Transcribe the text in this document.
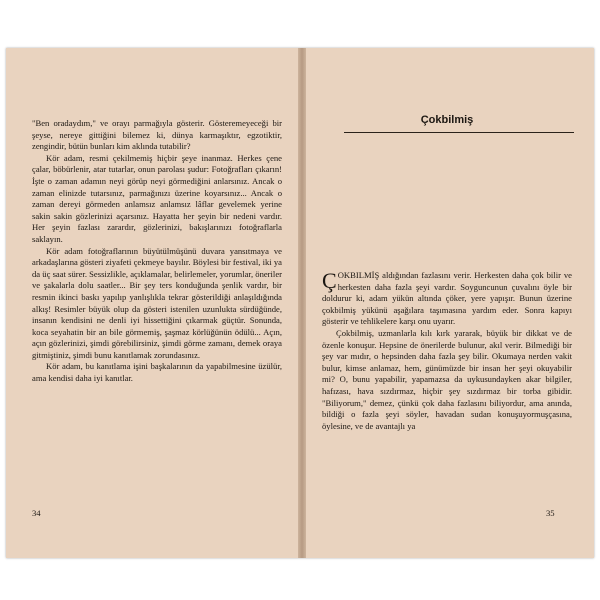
"Ben oradaydım," ve orayı parmağıyla gösterir. Gösteremeyeceği bir şeyse, nereye gittiğini bilemez ki, dünya karmaşıktır, egzotiktir, zengindir, bütün bunları kim aklında tutabilir?

Kör adam, resmi çekilmemiş hiçbir şeye inanmaz. Herkes çene çalar, böbürlenir, atar tutarlar, onun parolası şudur: Fotoğrafları çıkarın! İşte o zaman adamın neyi görüp neyi görmediğini anlarsınız. Ancak o zaman elinizde tutarsınız, parmağınızı üzerine koyarsınız... Ancak o zaman dereyi görmeden anlamsız anlamsız lâflar gevelemek yerine sakin sakin gözlerinizi açarsınız. Hayatta her şeyin bir nedeni vardır. Her şeyin fazlası zarardır, gözlerinizi, bakışlarınızı fotoğraflarla saklayın.

Kör adam fotoğraflarının büyütülmüşünü duvara yansıtmaya ve arkadaşlarına gösteri ziyafeti çekmeye bayılır. Böylesi bir festival, iki ya da üç saat sürer. Sessizlikle, açıklamalar, belirlemeler, yorumlar, öneriler ve şakalarla dolu saatler... Bir şey ters konduğunda şenlik vardır, bir resmin ikinci baskı yapılıp yanlışlıkla tekrar gösterildiği anlaşıldığında alkış! Resimler büyük olup da gösteri istenilen uzunlukta sürdüğünde, insanın kendisini ne denli iyi hissettiğini çıkarmak güçtür. Sonunda, koca seyahatin bir an bile görmemiş, şaşmaz körlüğünün ödülü... Açın, açın gözlerinizi, şimdi görebilirsiniz, şimdi görme zamanı, demek oraya gitmiştiniz, şimdi bunu kanıtlamak zorundasınız.

Kör adam, bu kanıtlama işini başkalarının da yapabilmesine üzülür, ama kendisi daha iyi kanıtlar.

34
Çokbilmiş

ÇOKBILMİŞ aldığından fazlasını verir. Herkesten daha çok bilir ve herkesten daha fazla şeyi vardır. Soyguncunun çuvalını öyle bir doldurur ki, adam yükün altında çöker, yere yapışır. Bunun üzerine çokbilmiş yükünü aşağılara taşımasına yardım eder. Sonra kapıyı gösterir ve tehlikelere karşı onu uyarır.

Çokbilmiş, uzmanlarla kılı kırk yararak, büyük bir dikkat ve de özenle konuşur. Hepsine de önerilerde bulunur, akıl verir. Bilmediği bir şey var mıdır, o hepsinden daha fazla şey bilir. Okumaya nerden vakit bulur, kimse anlamaz, hem, günümüzde bir insan her şeyi okuyabilir mi? O, bunu yapabilir, yapamazsa da uykusundayken akar bilgiler, hafızası, hava sızdırmaz, hiçbir şey sızdırmaz bir torba gibidir. "Biliyorum," demez, çünkü çok daha fazlasını biliyordur, ama anında, bildiği o fazla şeyi söyler, havadan sudan konuşuyormuşçasına, öylesine, ve de avantajlı ya

35
